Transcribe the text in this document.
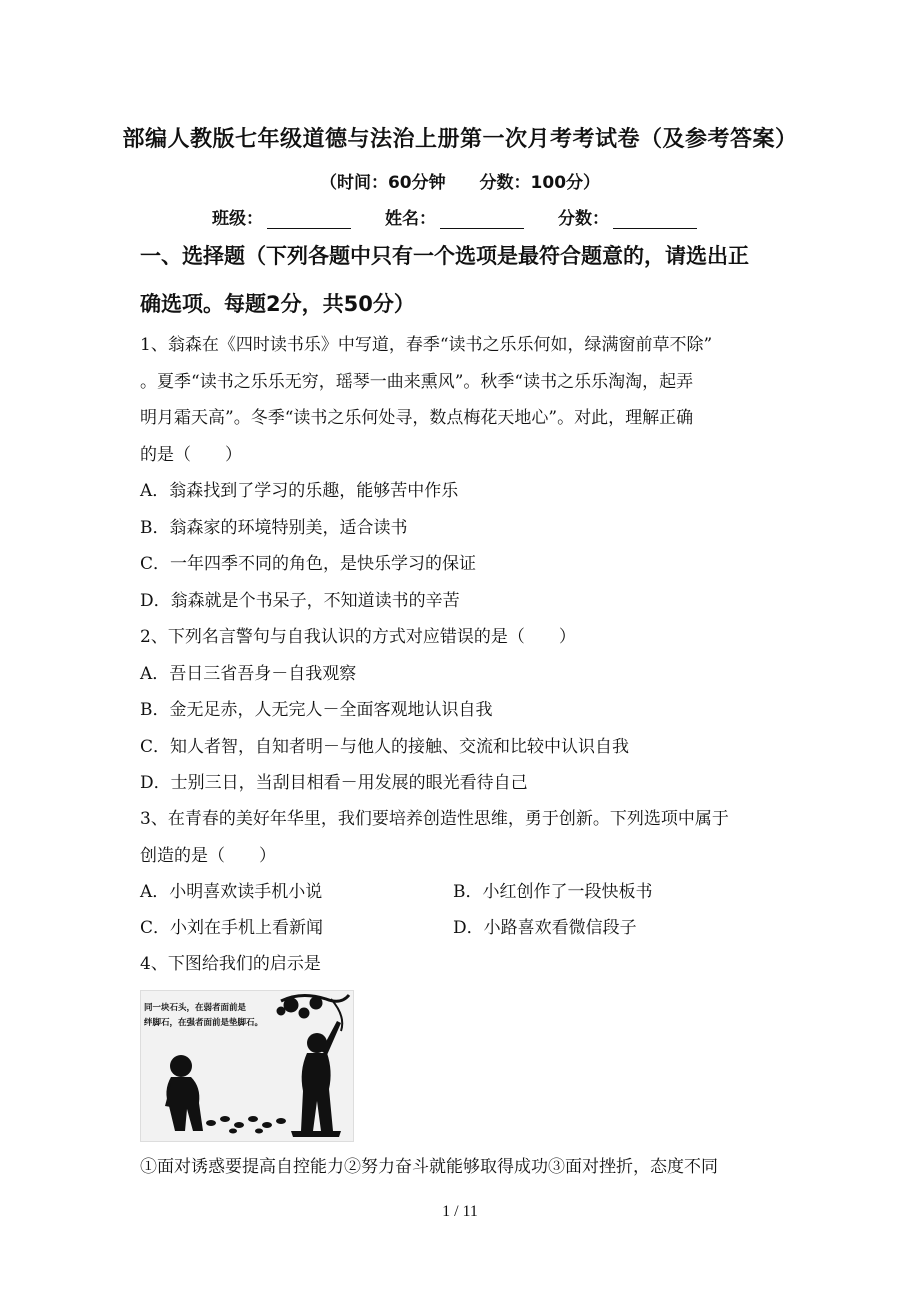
部编人教版七年级道德与法治上册第一次月考考试卷（及参考答案）
（时间：60分钟 分数：100分）
班级：	姓名：	分数：
一、选择题（下列各题中只有一个选项是最符合题意的，请选出正
确选项。每题2分，共50分）
1、翁森在《四时读书乐》中写道，春季“读书之乐乐何如，绿满窗前草不除”
。夏季“读书之乐乐无穷，瑶琴一曲来熏风”。秋季“读书之乐乐淘淘，起弄
明月霜天高”。冬季“读书之乐何处寻，数点梅花天地心”。对此，理解正确
的是（　　）
A．翁森找到了学习的乐趣，能够苦中作乐
B．翁森家的环境特别美，适合读书
C．一年四季不同的角色，是快乐学习的保证
D．翁森就是个书呆子，不知道读书的辛苦
2、下列名言警句与自我认识的方式对应错误的是（　　）
A．吾日三省吾身－自我观察
B．金无足赤，人无完人－全面客观地认识自我
C．知人者智，自知者明－与他人的接触、交流和比较中认识自我
D．士别三日，当刮目相看－用发展的眼光看待自己
3、在青春的美好年华里，我们要培养创造性思维，勇于创新。下列选项中属于
创造的是（　　）
A．小明喜欢读手机小说	B．小红创作了一段快板书
C．小刘在手机上看新闻	D．小路喜欢看微信段子
4、下图给我们的启示是
同一块石头，在弱者面前是
绊脚石，在强者面前是垫脚石。
①面对诱惑要提高自控能力②努力奋斗就能够取得成功③面对挫折，态度不同
1 / 11
